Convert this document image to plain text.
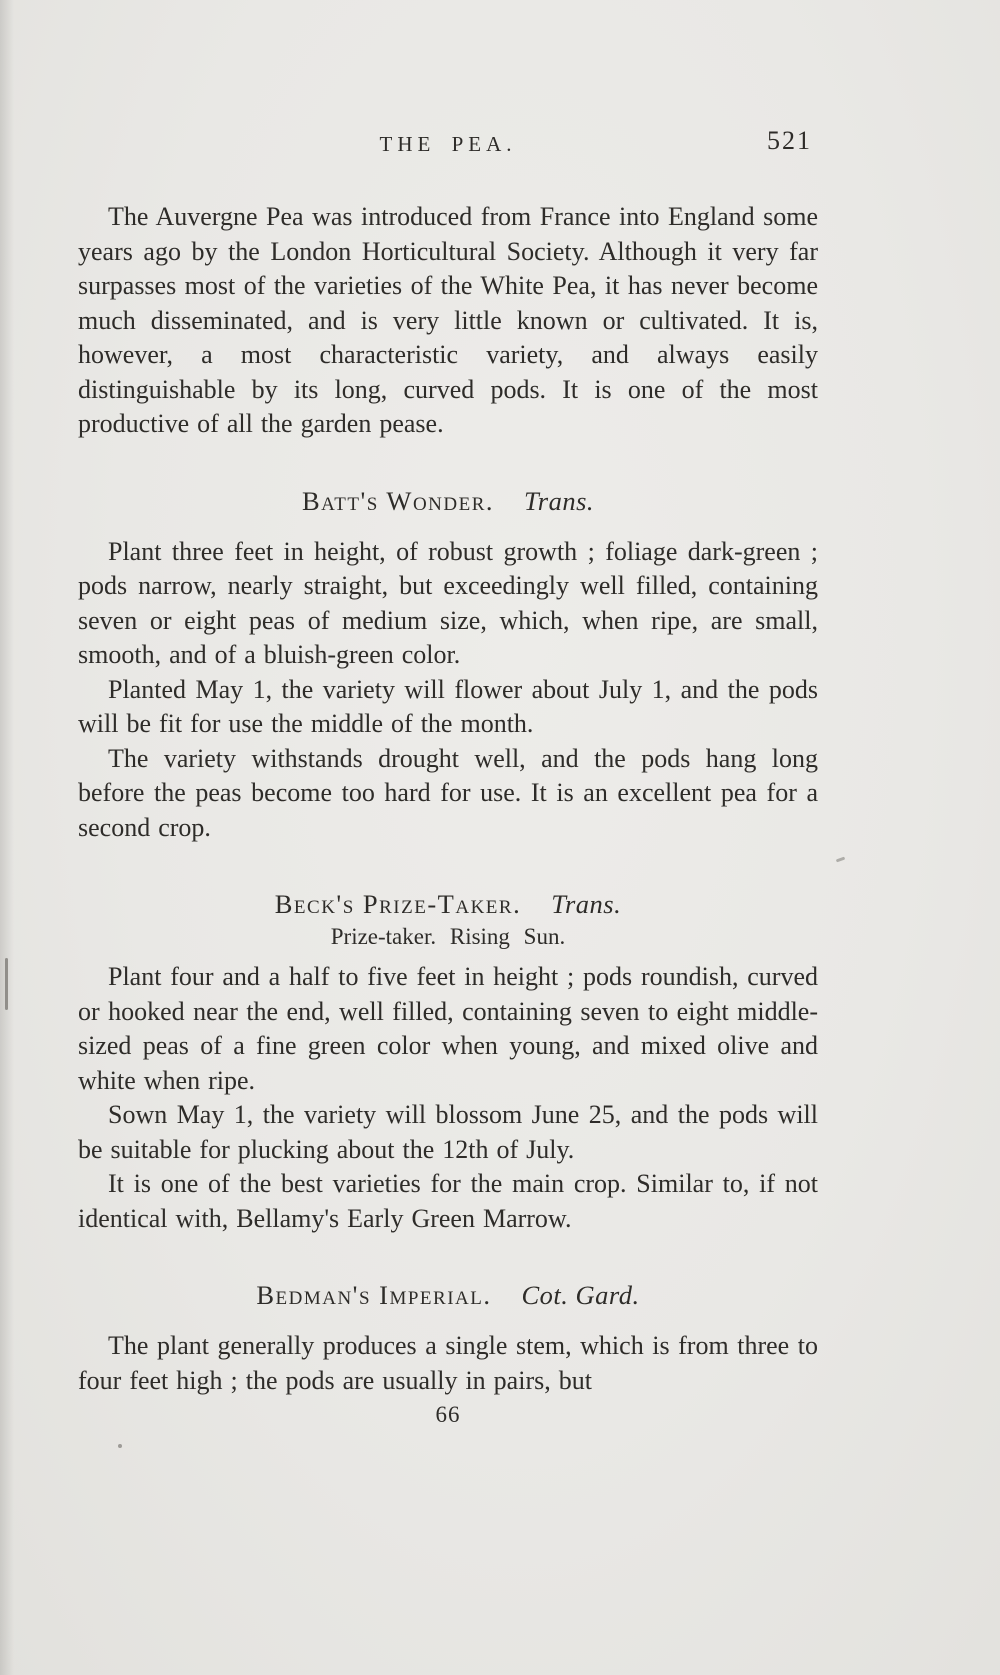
THE PEA.	521

The Auvergne Pea was introduced from France into England some years ago by the London Horticultural Society. Although it very far surpasses most of the varieties of the White Pea, it has never become much disseminated, and is very little known or cultivated. It is, however, a most characteristic variety, and always easily distinguishable by its long, curved pods. It is one of the most productive of all the garden pease.

Batt's Wonder. Trans.

Plant three feet in height, of robust growth ; foliage dark-green ; pods narrow, nearly straight, but exceedingly well filled, containing seven or eight peas of medium size, which, when ripe, are small, smooth, and of a bluish-green color.

Planted May 1, the variety will flower about July 1, and the pods will be fit for use the middle of the month.

The variety withstands drought well, and the pods hang long before the peas become too hard for use. It is an excellent pea for a second crop.

Beck's Prize-Taker. Trans.

Prize-taker. Rising Sun.

Plant four and a half to five feet in height ; pods roundish, curved or hooked near the end, well filled, containing seven to eight middle-sized peas of a fine green color when young, and mixed olive and white when ripe.

Sown May 1, the variety will blossom June 25, and the pods will be suitable for plucking about the 12th of July.

It is one of the best varieties for the main crop. Similar to, if not identical with, Bellamy's Early Green Marrow.

Bedman's Imperial. Cot. Gard.

The plant generally produces a single stem, which is from three to four feet high ; the pods are usually in pairs, but

66
